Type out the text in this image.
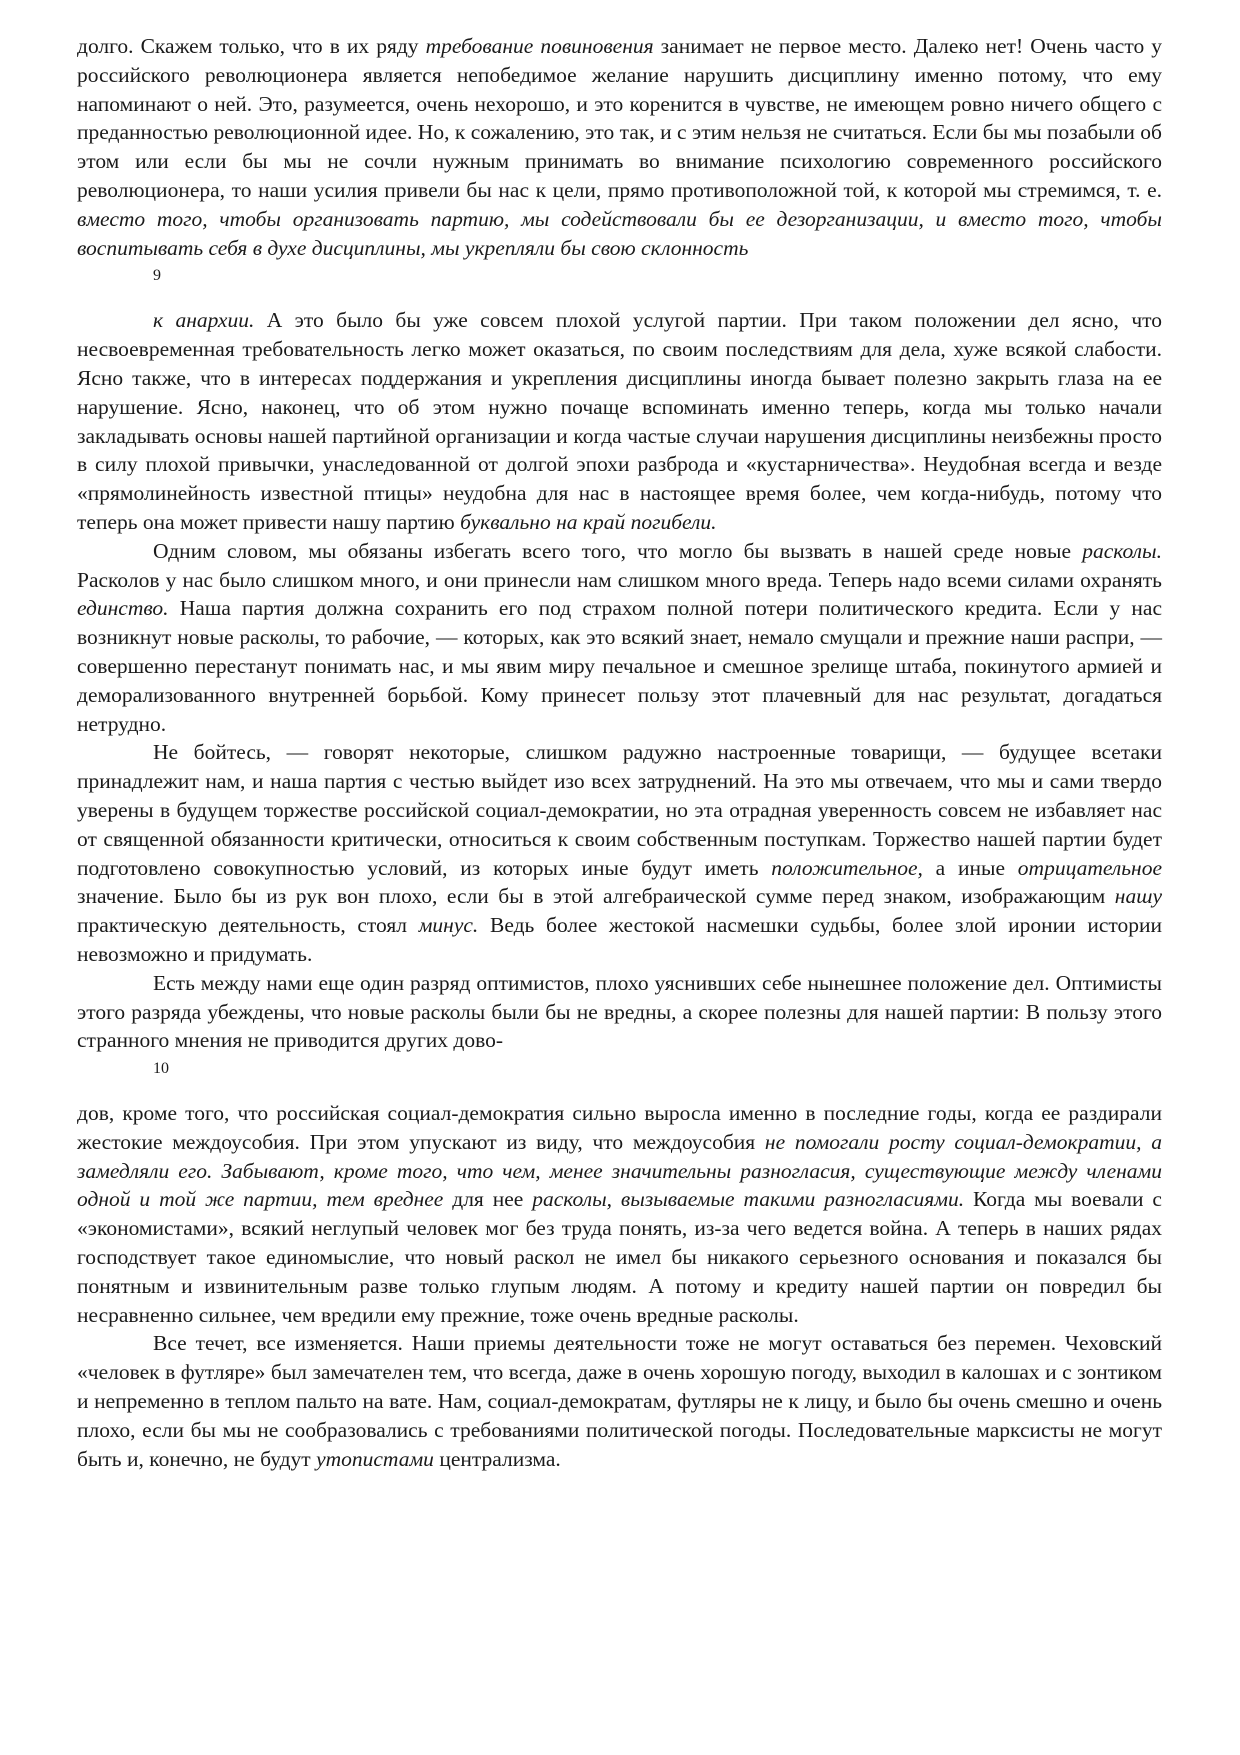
долго. Скажем только, что в их ряду требование повиновения занимает не первое место. Далеко нет! Очень часто у российского революционера является непобедимое желание нарушить дисциплину именно потому, что ему напоминают о ней. Это, разумеется, очень нехорошо, и это коренится в чувстве, не имеющем ровно ничего общего с преданностью революционной идее. Но, к сожалению, это так, и с этим нельзя не считаться. Если бы мы позабыли об этом или если бы мы не сочли нужным принимать во внимание психологию современного российского революционера, то наши усилия привели бы нас к цели, прямо противоположной той, к которой мы стремимся, т. е. вместо того, чтобы организовать партию, мы содействовали бы ее дезорганизации, и вместо того, чтобы воспитывать себя в духе дисциплины, мы укрепляли бы свою склонность

9

к анархии. А это было бы уже совсем плохой услугой партии. При таком положении дел ясно, что несвоевременная требовательность легко может оказаться, по своим последствиям для дела, хуже всякой слабости. Ясно также, что в интересах поддержания и укрепления дисциплины иногда бывает полезно закрыть глаза на ее нарушение. Ясно, наконец, что об этом нужно почаще вспоминать именно теперь, когда мы только начали закладывать основы нашей партийной организации и когда частые случаи нарушения дисциплины неизбежны просто в силу плохой привычки, унаследованной от долгой эпохи разброда и «кустарничества». Неудобная всегда и везде «прямолинейность известной птицы» неудобна для нас в настоящее время более, чем когда-нибудь, потому что теперь она может привести нашу партию буквально на край погибели.

Одним словом, мы обязаны избегать всего того, что могло бы вызвать в нашей среде новые расколы. Расколов у нас было слишком много, и они принесли нам слишком много вреда. Теперь надо всеми силами охранять единство. Наша партия должна сохранить его под страхом полной потери политического кредита. Если у нас возникнут новые расколы, то рабочие, — которых, как это всякий знает, немало смущали и прежние наши распри, — совершенно перестанут понимать нас, и мы явим миру печальное и смешное зрелище штаба, покинутого армией и деморализованного внутренней борьбой. Кому принесет пользу этот плачевный для нас результат, догадаться нетрудно.

Не бойтесь, — говорят некоторые, слишком радужно настроенные товарищи, — будущее всетаки принадлежит нам, и наша партия с честью выйдет изо всех затруднений. На это мы отвечаем, что мы и сами твердо уверены в будущем торжестве российской социал-демократии, но эта отрадная уверенность совсем не избавляет нас от священной обязанности критически, относиться к своим собственным поступкам. Торжество нашей партии будет подготовлено совокупностью условий, из которых иные будут иметь положительное, а иные отрицательное значение. Было бы из рук вон плохо, если бы в этой алгебраической сумме перед знаком, изображающим нашу практическую деятельность, стоял минус. Ведь более жестокой насмешки судьбы, более злой иронии истории невозможно и придумать.

Есть между нами еще один разряд оптимистов, плохо уяснивших себе нынешнее положение дел. Оптимисты этого разряда убеждены, что новые расколы были бы не вредны, а скорее полезны для нашей партии: В пользу этого странного мнения не приводится других дово-

10

дов, кроме того, что российская социал-демократия сильно выросла именно в последние годы, когда ее раздирали жестокие междоусобия. При этом упускают из виду, что междоусобия не помогали росту социал-демократии, а замедляли его. Забывают, кроме того, что чем, менее значительны разногласия, существующие между членами одной и той же партии, тем вреднее для нее расколы, вызываемые такими разногласиями. Когда мы воевали с «экономистами», всякий неглупый человек мог без труда понять, из-за чего ведется война. А теперь в наших рядах господствует такое единомыслие, что новый раскол не имел бы никакого серьезного основания и показался бы понятным и извинительным разве только глупым людям. А потому и кредиту нашей партии он повредил бы несравненно сильнее, чем вредили ему прежние, тоже очень вредные расколы.

Все течет, все изменяется. Наши приемы деятельности тоже не могут оставаться без перемен. Чеховский «человек в футляре» был замечателен тем, что всегда, даже в очень хорошую погоду, выходил в калошах и с зонтиком и непременно в теплом пальто на вате. Нам, социал-демократам, футляры не к лицу, и было бы очень смешно и очень плохо, если бы мы не сообразовались с требованиями политической погоды. Последовательные марксисты не могут быть и, конечно, не будут утопистами централизма.
